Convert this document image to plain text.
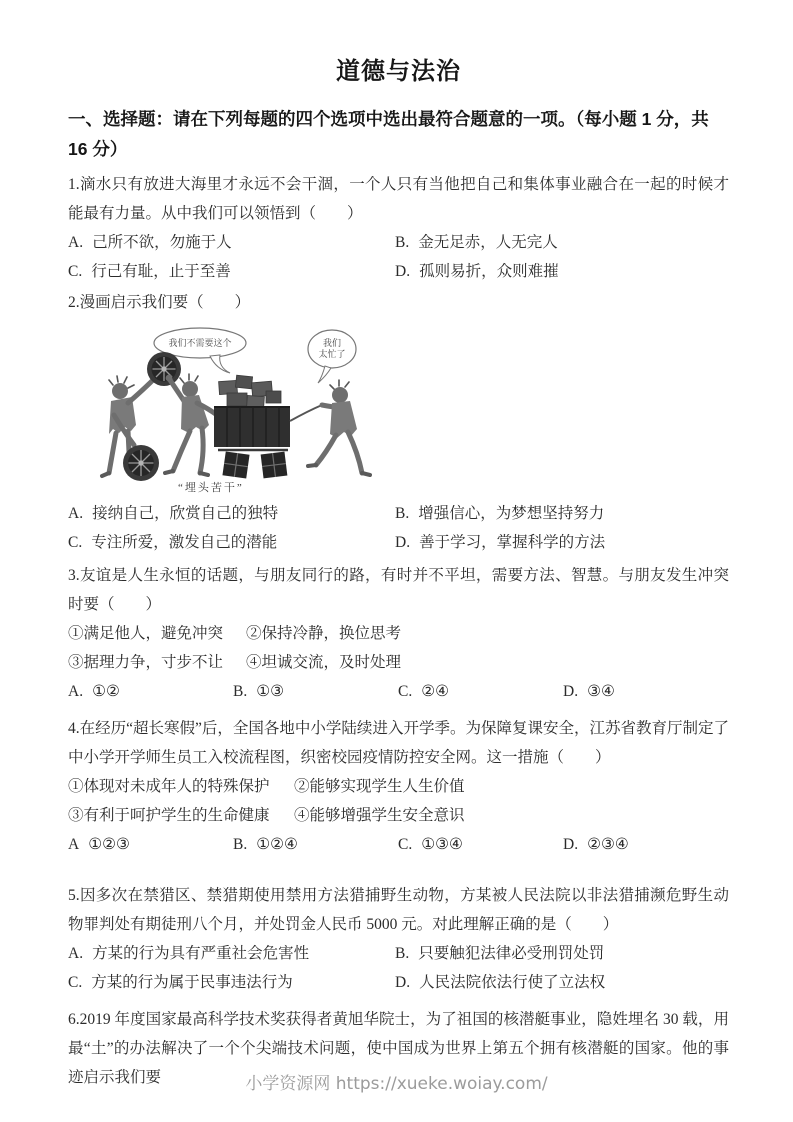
道德与法治
一、选择题：请在下列每题的四个选项中选出最符合题意的一项。（每小题 1 分，共 16 分）

1.滴水只有放进大海里才永远不会干涸，一个人只有当他把自己和集体事业融合在一起的时候才能最有力量。从中我们可以领悟到（　　）

A. 己所不欲，勿施于人	B. 金无足赤，人无完人
C. 行己有耻，止于至善	D. 孤则易折，众则难摧

2.漫画启示我们要（　　）

我们不需要这个	我们
太忙了
“埋头苦干”
A. 接纳自己，欣赏自己的独特	B. 增强信心，为梦想坚持努力
C. 专注所爱，激发自己的潜能	D. 善于学习，掌握科学的方法

3.友谊是人生永恒的话题，与朋友同行的路，有时并不平坦，需要方法、智慧。与朋友发生冲突时要（　　）

①满足他人，避免冲突	②保持冷静，换位思考
③据理力争，寸步不让	④坦诚交流，及时处理
A. ①②	B. ①③	C. ②④	D. ③④

4.在经历“超长寒假”后，全国各地中小学陆续进入开学季。为保障复课安全，江苏省教育厅制定了中小学开学师生员工入校流程图，织密校园疫情防控安全网。这一措施（　　）

①体现对未成年人的特殊保护	②能够实现学生人生价值
③有利于呵护学生的生命健康	④能够增强学生安全意识
A ①②③	B. ①②④	C. ①③④	D. ②③④

5.因多次在禁猎区、禁猎期使用禁用方法猎捕野生动物，方某被人民法院以非法猎捕濒危野生动物罪判处有期徒刑八个月，并处罚金人民币 5000 元。对此理解正确的是（　　）

A. 方某的行为具有严重社会危害性	B. 只要触犯法律必受刑罚处罚
C. 方某的行为属于民事违法行为	D. 人民法院依法行使了立法权

6.2019 年度国家最高科学技术奖获得者黄旭华院士，为了祖国的核潜艇事业，隐姓埋名 30 载，用最“土”的办法解决了一个个尖端技术问题，使中国成为世界上第五个拥有核潜艇的国家。他的事迹启示我们要	小学资源网 https://xueke.woiay.com/
